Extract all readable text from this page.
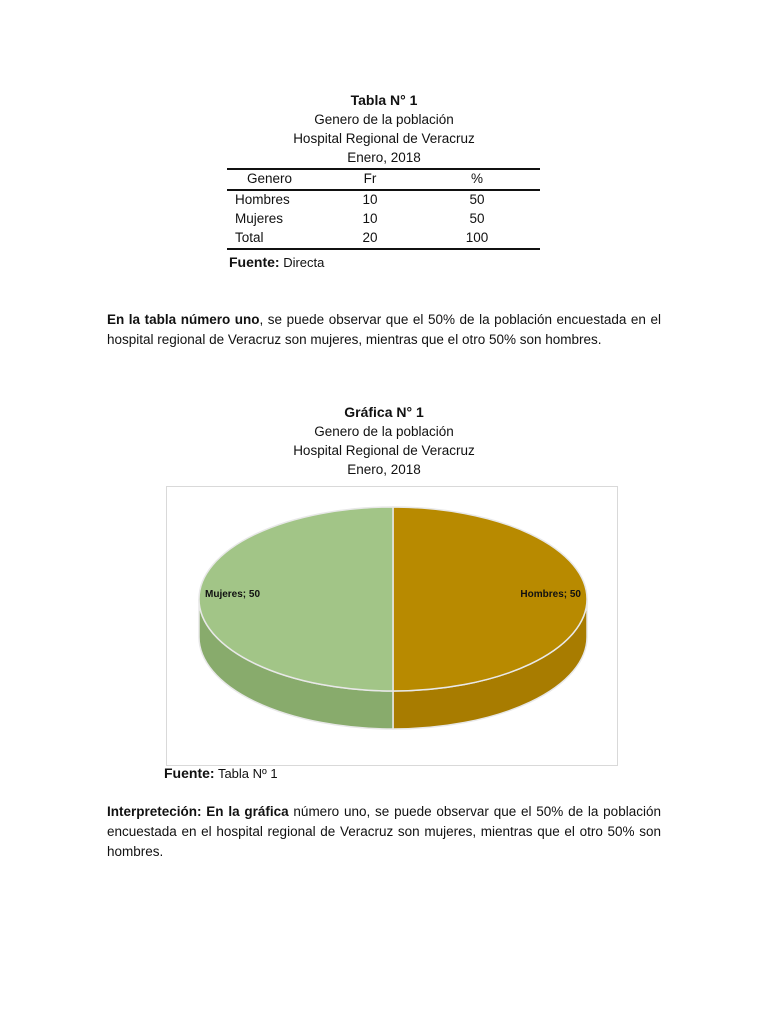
Tabla N° 1
Genero de la población
Hospital Regional de Veracruz
Enero, 2018
Genero	Fr	%
Hombres	10	50
Mujeres	10	50
Total	20	100
Fuente: Directa
En la tabla número uno, se puede observar que el 50% de la población encuestada en el hospital regional de Veracruz son mujeres, mientras que el otro 50% son hombres.
Gráfica N° 1
Genero de la población
Hospital Regional de Veracruz
Enero, 2018
Hombres; 50
Mujeres; 50
Fuente: Tabla Nº 1
Interpreteción: En la gráfica número uno, se puede observar que el 50% de la población encuestada en el hospital regional de Veracruz son mujeres, mientras que el otro 50% son hombres.
